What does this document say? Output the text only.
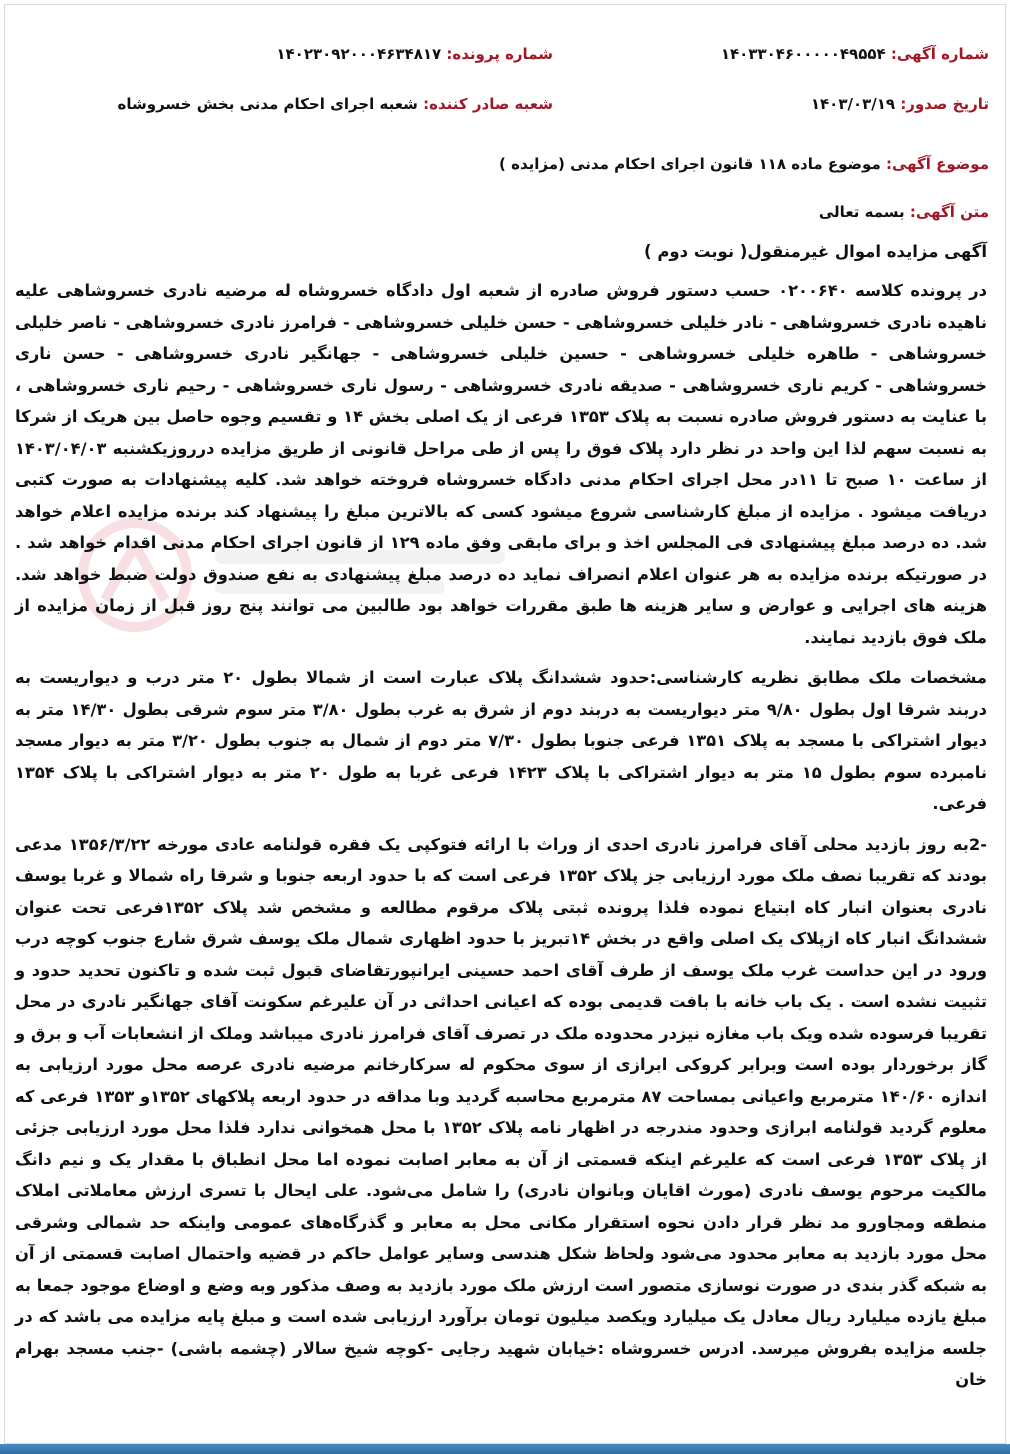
شماره آگهی: ۱۴۰۳۳۰۴۶۰۰۰۰۰۴۹۵۵۴
شماره پرونده: ۱۴۰۲۳۰۹۲۰۰۰۴۶۳۴۸۱۷
تاریخ صدور: ۱۴۰۳/۰۳/۱۹
شعبه صادر کننده: شعبه اجرای احکام مدنی بخش خسروشاه
موضوع آگهی: موضوع ماده ۱۱۸ قانون اجرای احکام مدنی (مزایده )
متن آگهی: بسمه تعالی

آگهی مزایده اموال غیرمنقول( نوبت دوم )

در پرونده کلاسه ۰۲۰۰۶۴۰ حسب دستور فروش صادره از شعبه اول دادگاه خسروشاه له مرضیه نادری خسروشاهی علیه ناهیده نادری خسروشاهی - نادر خلیلی خسروشاهی - حسن خلیلی خسروشاهی - فرامرز نادری خسروشاهی - ناصر خلیلی خسروشاهی - طاهره خلیلی خسروشاهی - حسین خلیلی خسروشاهی - جهانگیر نادری خسروشاهی - حسن ناری خسروشاهی - کریم ناری خسروشاهی - صدیقه نادری خسروشاهی - رسول ناری خسروشاهی - رحیم ناری خسروشاهی ، با عنایت به دستور فروش صادره نسبت به پلاک ۱۳۵۳ فرعی از یک اصلی بخش ۱۴ و تقسیم وجوه حاصل بین هریک از شرکا به نسبت سهم لذا این واحد در نظر دارد پلاک فوق را پس از طی مراحل قانونی از طریق مزایده درروزیکشنبه ۱۴۰۳/۰۴/۰۳ از ساعت ۱۰ صبح تا ۱۱در محل اجرای احکام مدنی دادگاه خسروشاه فروخته خواهد شد. کلیه پیشنهادات به صورت کتبی دریافت میشود . مزایده از مبلغ کارشناسی شروع میشود کسی که بالاترین مبلغ را پیشنهاد کند برنده مزایده اعلام خواهد شد. ده درصد مبلغ پیشنهادی فی المجلس اخذ و برای مابقی وفق ماده ۱۲۹ از قانون اجرای احکام مدنی اقدام خواهد شد . در صورتیکه برنده مزایده به هر عنوان اعلام انصراف نماید ده درصد مبلغ پیشنهادی به نفع صندوق دولت ضبط خواهد شد. هزینه های اجرایی و عوارض و سایر هزینه ها طبق مقررات خواهد بود طالبین می توانند پنج روز قبل از زمان مزایده از ملک فوق بازدید نمایند.

مشخصات ملک مطابق نظریه کارشناسی:حدود ششدانگ پلاک عبارت است از شمالا بطول ۲۰ متر درب و دیواریست به دربند شرقا اول بطول ۹/۸۰ متر دیواریست به دربند دوم از شرق به غرب بطول ۳/۸۰ متر سوم شرقی بطول ۱۴/۳۰ متر به دیوار اشتراکی با مسجد به پلاک ۱۳۵۱ فرعی جنوبا بطول ۷/۳۰ متر دوم از شمال به جنوب بطول ۳/۲۰ متر به دیوار مسجد نامبرده سوم بطول ۱۵ متر به دیوار اشتراکی با پلاک ۱۴۲۳ فرعی غربا به طول ۲۰ متر به دیوار اشتراکی با پلاک ۱۳۵۴ فرعی.

-2به روز بازدید محلی آقای فرامرز نادری احدی از وراث با ارائه فتوکپی یک فقره قولنامه عادی مورخه ۱۳۵۶/۳/۲۲ مدعی بودند که تقریبا نصف ملک مورد ارزیابی جز پلاک ۱۳۵۲ فرعی است که با حدود اربعه جنوبا و شرقا راه شمالا و غربا یوسف نادری بعنوان انبار کاه ابتیاع نموده فلذا پرونده ثبتی پلاک مرقوم مطالعه و مشخص شد پلاک ۱۳۵۲فرعی تحت عنوان ششدانگ انبار کاه ازپلاک یک اصلی واقع در بخش ۱۴تبریز با حدود اظهاری شمال ملک یوسف شرق شارع جنوب کوچه درب ورود در این حداست غرب ملک یوسف از طرف آقای احمد حسینی ایرانپورتقاضای قبول ثبت شده و تاکنون تحدید حدود و تثبیت نشده است . یک باب خانه با بافت قدیمی بوده که اعیانی احداثی در آن علیرغم سکونت آقای جهانگیر نادری در محل تقریبا فرسوده شده ویک باب مغازه نیزدر محدوده ملک در تصرف آقای فرامرز نادری میباشد وملک از انشعابات آب و برق و گاز برخوردار بوده است وبرابر کروکی ابرازی از سوی محکوم له سرکارخانم مرضیه نادری عرصه محل مورد ارزیابی به اندازه ۱۴۰/۶۰ مترمربع واعیانی بمساحت ۸۷ مترمربع محاسبه گردید وبا مداقه در حدود اربعه پلاکهای ۱۳۵۲و ۱۳۵۳ فرعی که معلوم گردید قولنامه ابرازی وحدود مندرجه در اظهار نامه پلاک ۱۳۵۲ با محل همخوانی ندارد فلذا محل مورد ارزیابی جزئی از پلاک ۱۳۵۳ فرعی است که علیرغم اینکه قسمتی از آن به معابر اصابت نموده اما محل انطباق با مقدار یک و نیم دانگ مالکیت مرحوم یوسف نادری (مورث اقایان وبانوان نادری) را شامل می‌شود. علی ایحال با تسری ارزش معاملاتی املاک منطقه ومجاورو مد نظر قرار دادن نحوه استقرار مکانی محل به معابر و گذرگاه‌های عمومی واینکه حد شمالی وشرقی محل مورد بازدید به معابر محدود می‌شود ولحاظ شکل هندسی وسایر عوامل حاکم در قضیه واحتمال اصابت قسمتی از آن به شبکه گذر بندی در صورت نوسازی متصور است ارزش ملک مورد بازدید به وصف مذکور وبه وضع و اوضاع موجود جمعا به مبلغ یازده میلیارد ریال معادل یک میلیارد ویکصد میلیون تومان برآورد ارزیابی شده است و مبلغ پایه مزایده می باشد که در جلسه مزایده بفروش میرسد. ادرس خسروشاه :خیابان شهید رجایی -کوچه شیخ سالار (چشمه باشی) -جنب مسجد بهرام خان
